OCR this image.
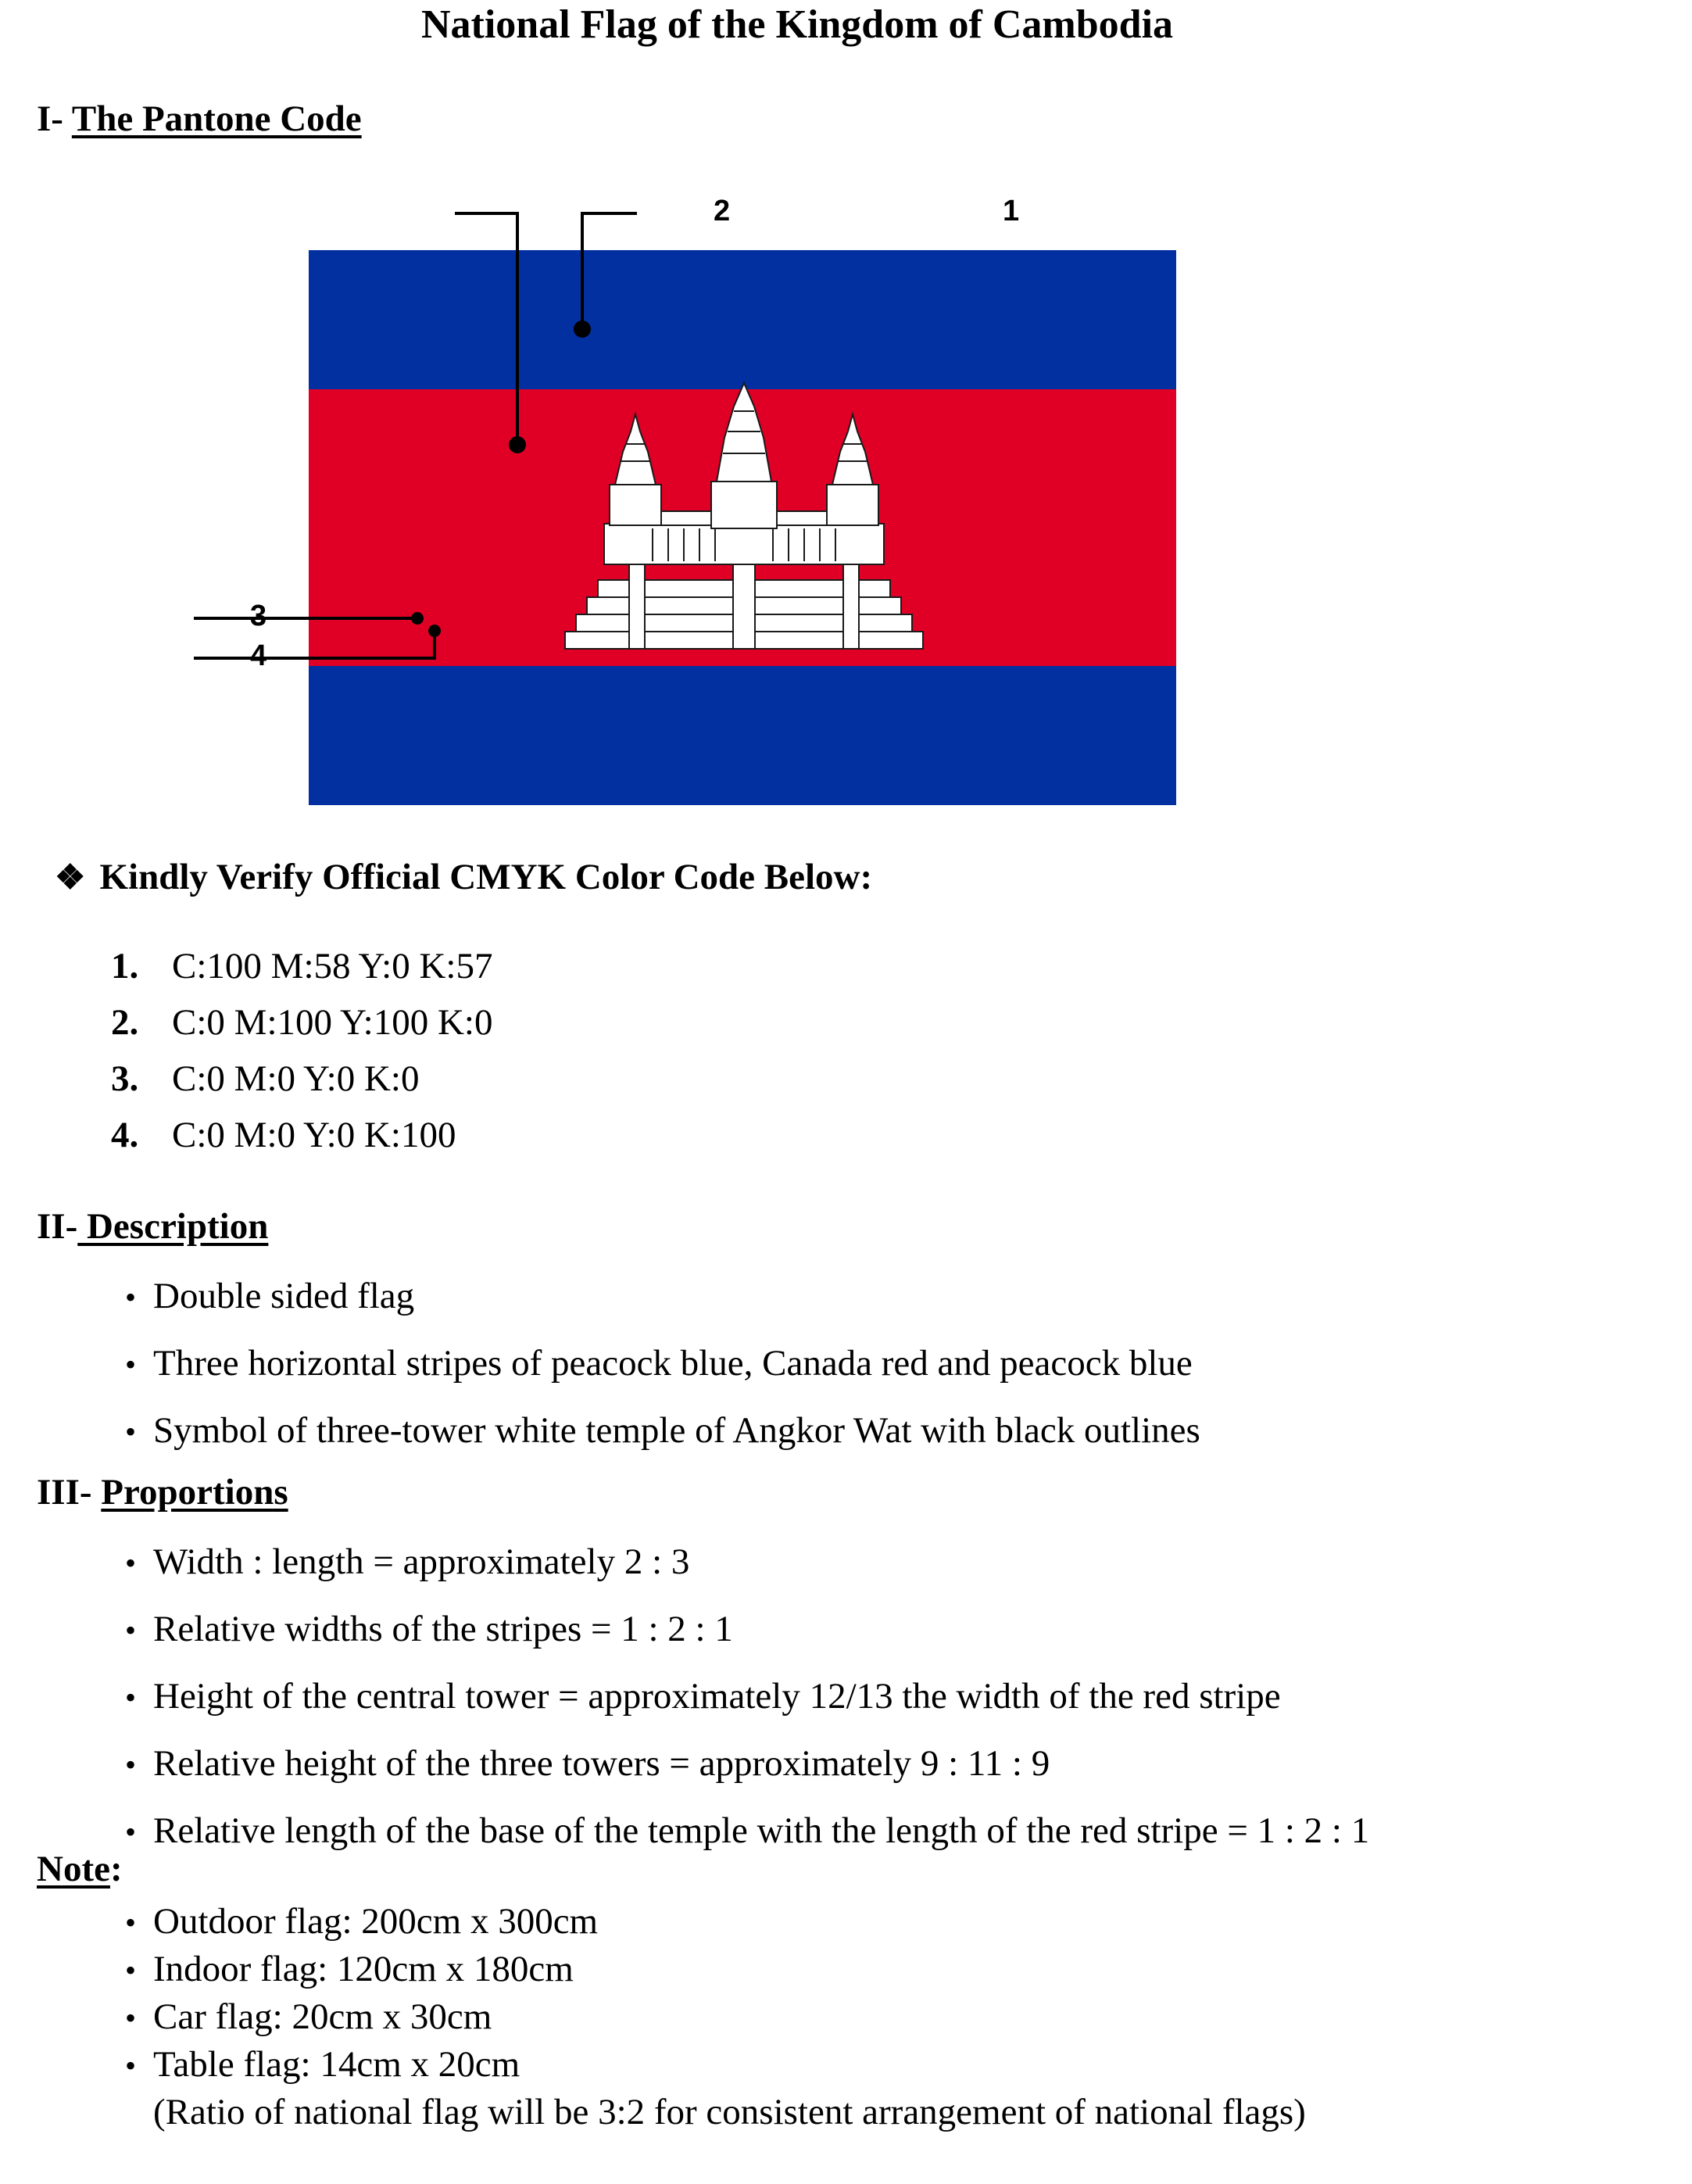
National Flag of the Kingdom of Cambodia
I- The Pantone Code
1
2
3
4
❖ Kindly Verify Official CMYK Color Code Below:
1. C:100 M:58 Y:0 K:57
2. C:0 M:100 Y:100 K:0
3. C:0 M:0 Y:0 K:0
4. C:0 M:0 Y:0 K:100
II- Description
• Double sided flag
• Three horizontal stripes of peacock blue, Canada red and peacock blue
• Symbol of three-tower white temple of Angkor Wat with black outlines
III- Proportions
• Width : length = approximately 2 : 3
• Relative widths of the stripes = 1 : 2 : 1
• Height of the central tower = approximately 12/13 the width of the red stripe
• Relative height of the three towers = approximately 9 : 11 : 9
• Relative length of the base of the temple with the length of the red stripe = 1 : 2 : 1
Note:
• Outdoor flag: 200cm x 300cm
• Indoor flag: 120cm x 180cm
• Car flag: 20cm x 30cm
• Table flag: 14cm x 20cm
(Ratio of national flag will be 3:2 for consistent arrangement of national flags)
